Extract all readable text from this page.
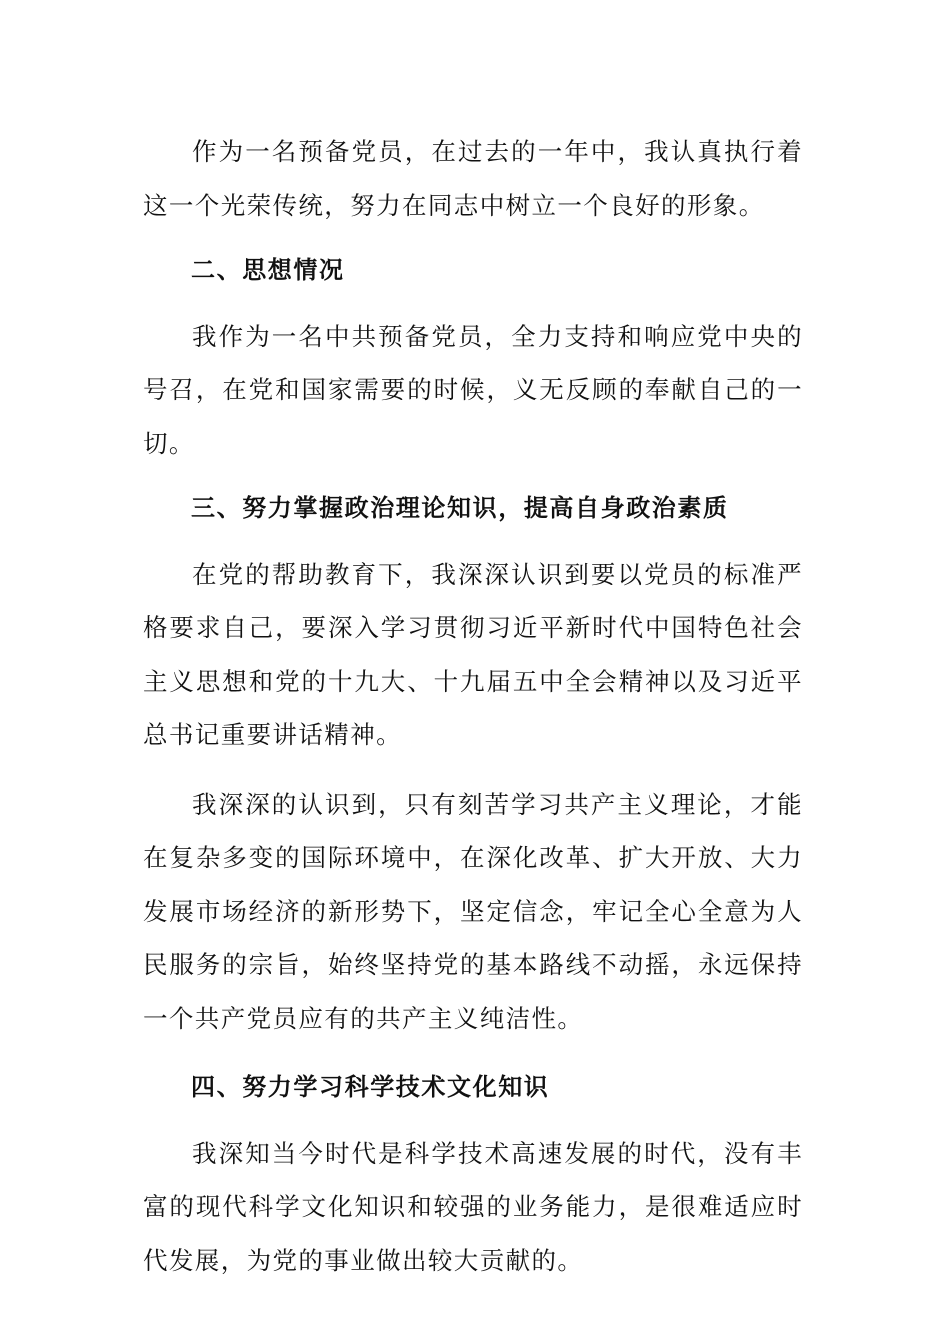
作为一名预备党员，在过去的一年中，我认真执行着这一个光荣传统，努力在同志中树立一个良好的形象。

二、思想情况

我作为一名中共预备党员，全力支持和响应党中央的号召，在党和国家需要的时候，义无反顾的奉献自己的一切。

三、努力掌握政治理论知识，提高自身政治素质

在党的帮助教育下，我深深认识到要以党员的标准严格要求自己，要深入学习贯彻习近平新时代中国特色社会主义思想和党的十九大、十九届五中全会精神以及习近平总书记重要讲话精神。

我深深的认识到，只有刻苦学习共产主义理论，才能在复杂多变的国际环境中，在深化改革、扩大开放、大力发展市场经济的新形势下，坚定信念，牢记全心全意为人民服务的宗旨，始终坚持党的基本路线不动摇，永远保持一个共产党员应有的共产主义纯洁性。

四、努力学习科学技术文化知识

我深知当今时代是科学技术高速发展的时代，没有丰富的现代科学文化知识和较强的业务能力，是很难适应时代发展，为党的事业做出较大贡献的。
